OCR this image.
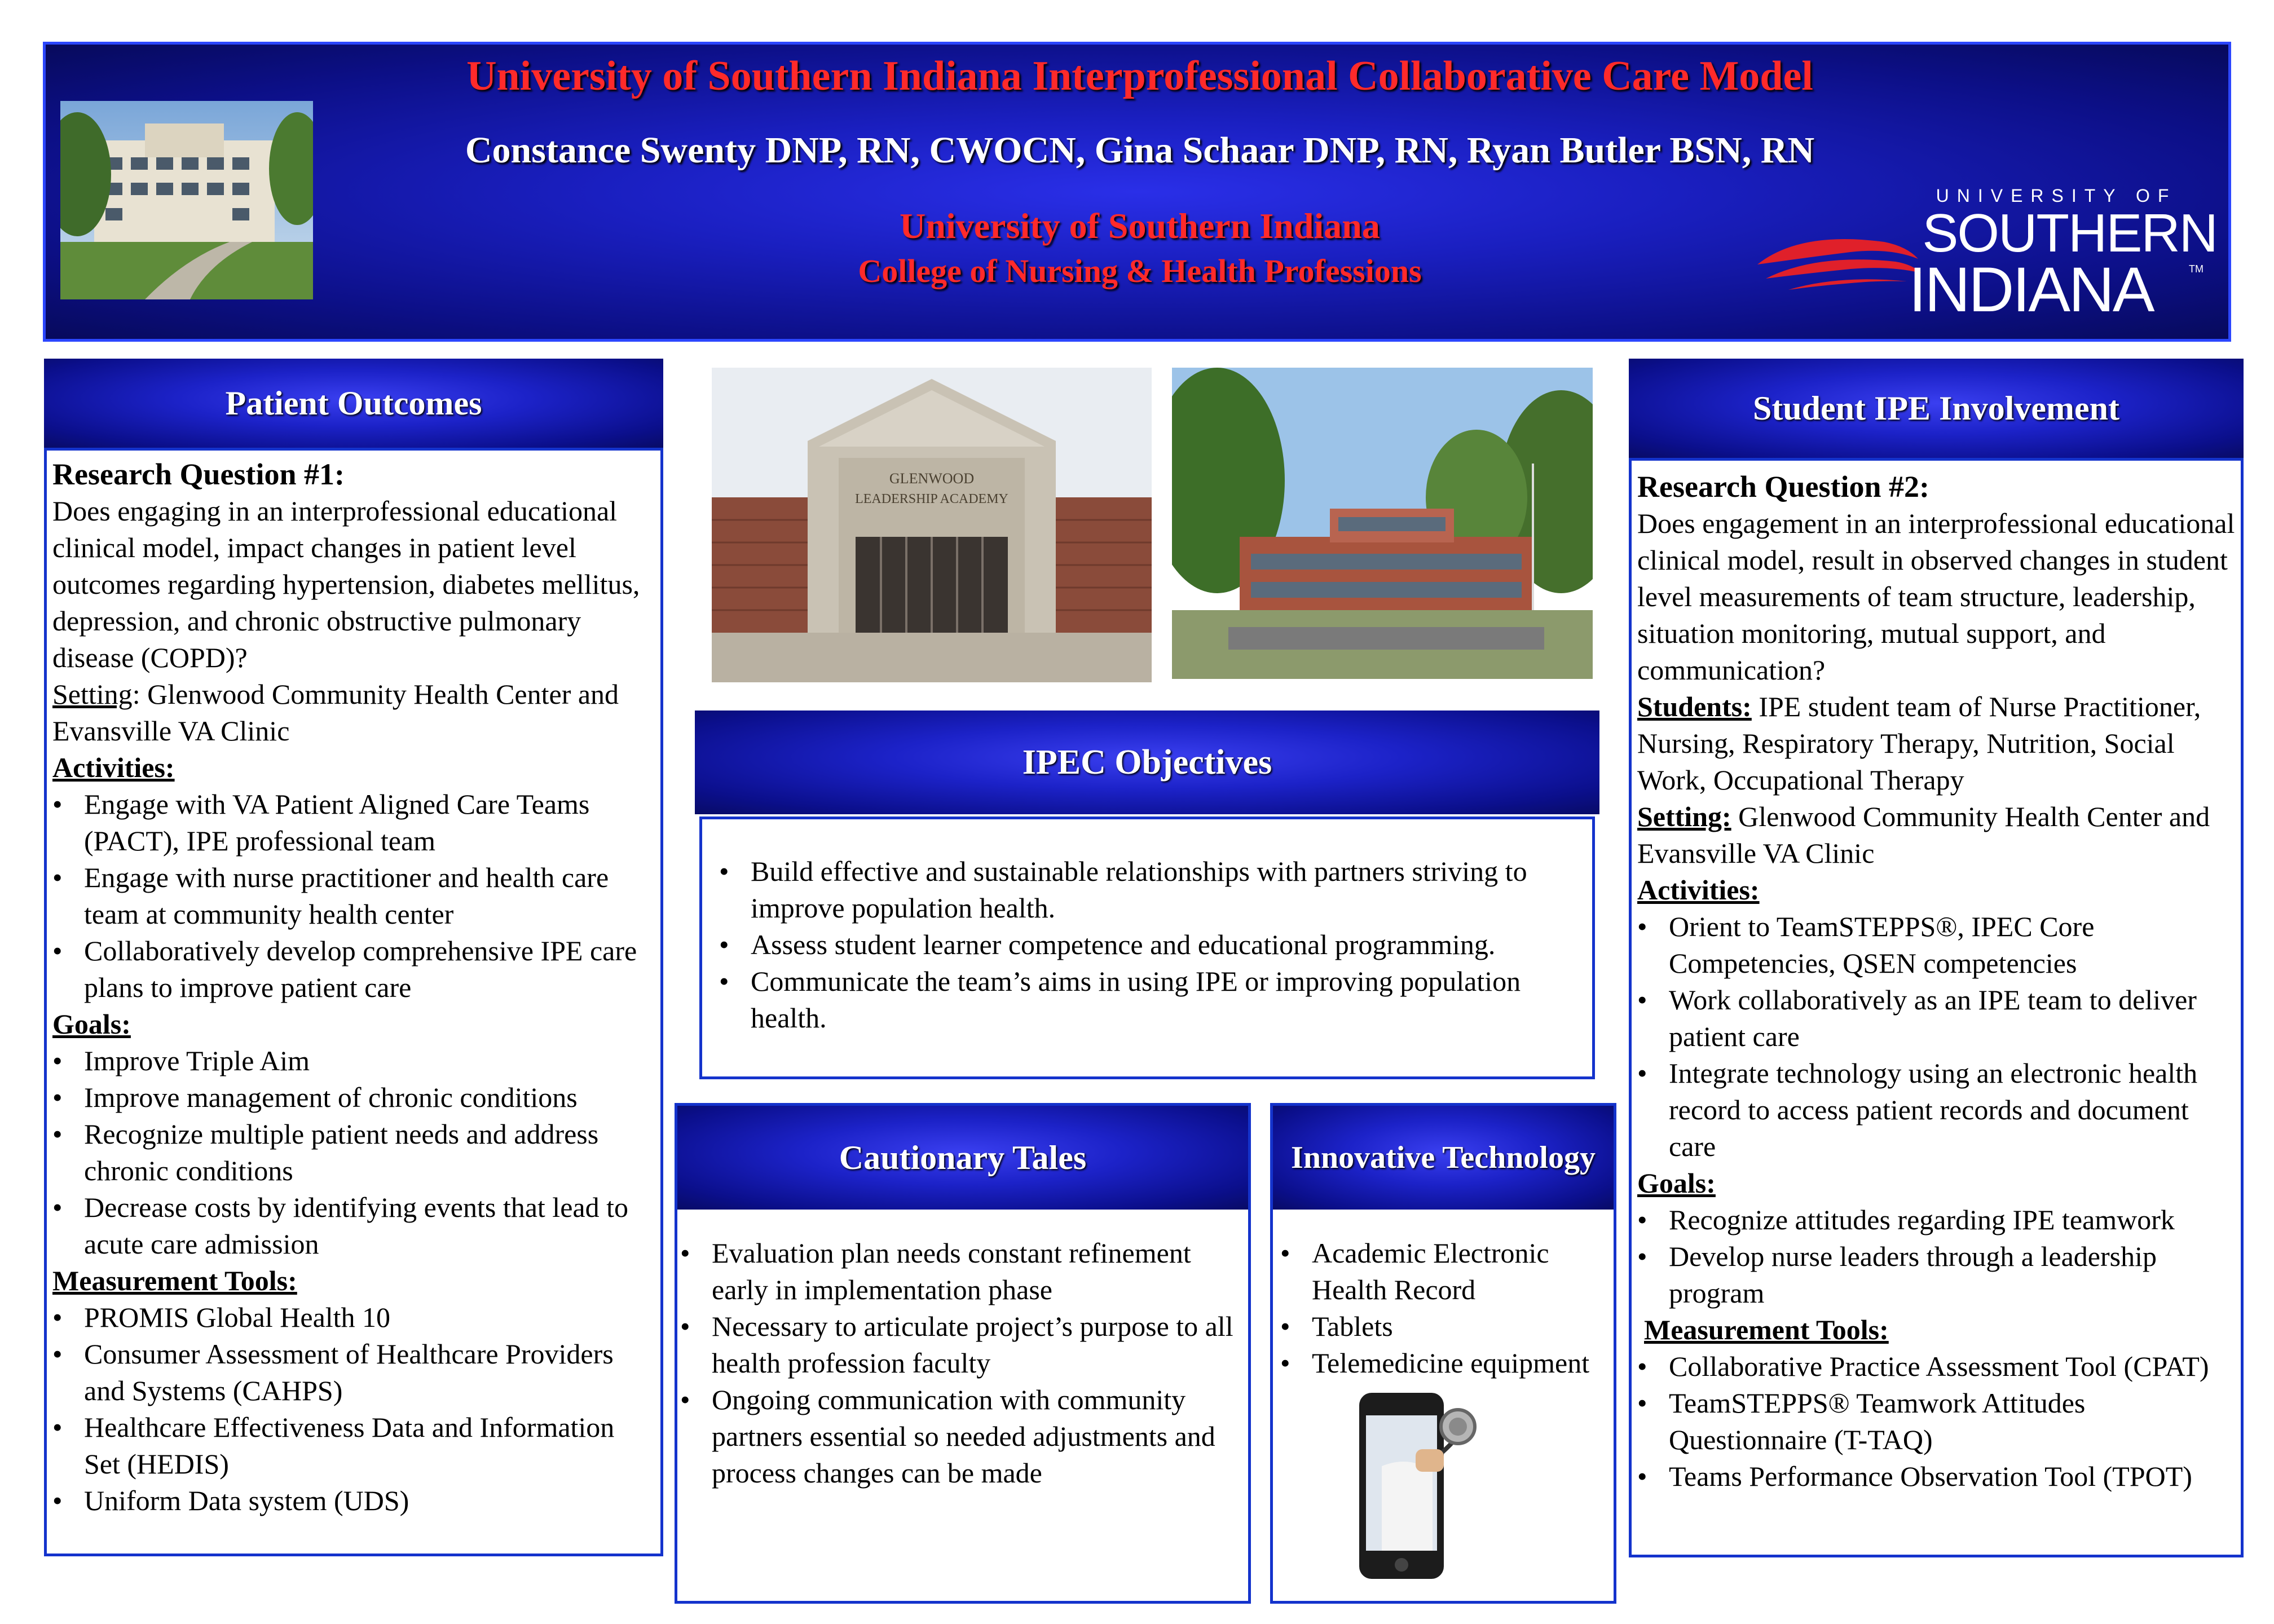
University of Southern Indiana Interprofessional Collaborative Care Model
Constance Swenty DNP, RN, CWOCN, Gina Schaar DNP, RN, Ryan Butler BSN, RN
University of Southern Indiana
College of Nursing & Health Professions
UNIVERSITY OF
SOUTHERN
INDIANA	TM
Patient Outcomes

Research Question #1:

Does engaging in an interprofessional educational clinical model, impact changes in patient level outcomes regarding hypertension, diabetes mellitus, depression, and chronic obstructive pulmonary disease (COPD)?

Setting: Glenwood Community Health Center and Evansville VA Clinic

Activities:

• Engage with VA Patient Aligned Care Teams (PACT), IPE professional team
• Engage with nurse practitioner and health care team at community health center
• Collaboratively develop comprehensive IPE care plans to improve patient care

Goals:

• Improve Triple Aim
• Improve management of chronic conditions
• Recognize multiple patient needs and address chronic conditions
• Decrease costs by identifying events that lead to acute care admission

Measurement Tools:

• PROMIS Global Health 10
• Consumer Assessment of Healthcare Providers and Systems (CAHPS)
• Healthcare Effectiveness Data and Information Set (HEDIS)
• Uniform Data system (UDS)
GLENWOOD
LEADERSHIP ACADEMY
IPEC Objectives
• Build effective and sustainable relationships with partners striving to improve population health.
• Assess student learner competence and educational programming.
• Communicate the team’s aims in using IPE or improving population health.
Cautionary Tales
• Evaluation plan needs constant refinement early in implementation phase
• Necessary to articulate project’s purpose to all health profession faculty
• Ongoing communication with community partners essential so needed adjustments and process changes can be made
Innovative Technology
• Academic Electronic Health Record
• Tablets
• Telemedicine equipment
Student IPE Involvement

Research Question #2:

Does engagement in an interprofessional educational clinical model, result in observed changes in student level measurements of team structure, leadership, situation monitoring, mutual support, and communication?

Students: IPE student team of Nurse Practitioner, Nursing, Respiratory Therapy, Nutrition, Social Work, Occupational Therapy

Setting: Glenwood Community Health Center and Evansville VA Clinic

Activities:

• Orient to TeamSTEPPS®, IPEC Core Competencies, QSEN competencies
• Work collaboratively as an IPE team to deliver patient care
• Integrate technology using an electronic health record to access patient records and document care

Goals:

• Recognize attitudes regarding IPE teamwork
• Develop nurse leaders through a leadership program

Measurement Tools:

• Collaborative Practice Assessment Tool (CPAT)
• TeamSTEPPS® Teamwork Attitudes Questionnaire (T-TAQ)
• Teams Performance Observation Tool (TPOT)
